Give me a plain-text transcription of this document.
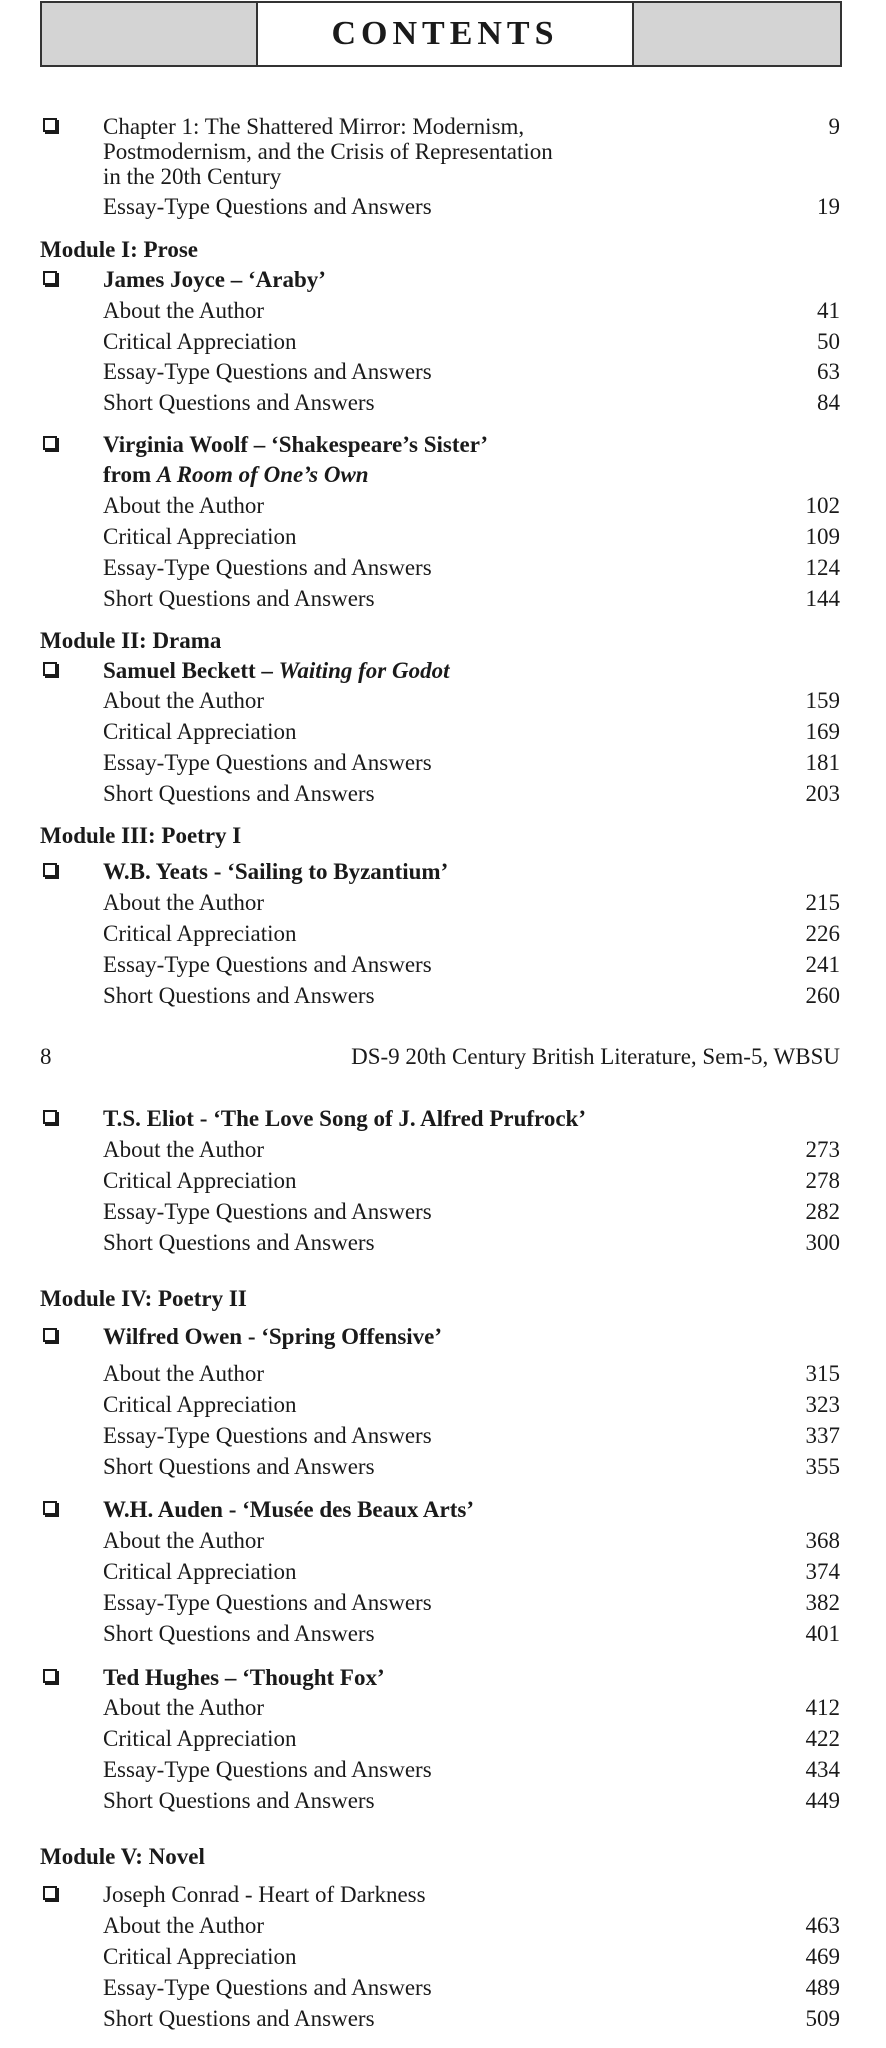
CONTENTS
Chapter 1: The Shattered Mirror: Modernism,
Postmodernism, and the Crisis of Representation
in the 20th Century
9
Essay-Type Questions and Answers	19
Module I: Prose
James Joyce – ‘Araby’
About the Author	41
Critical Appreciation	50
Essay-Type Questions and Answers	63
Short Questions and Answers	84
Virginia Woolf – ‘Shakespeare’s Sister’
from A Room of One’s Own
About the Author	102
Critical Appreciation	109
Essay-Type Questions and Answers	124
Short Questions and Answers	144
Module II: Drama
Samuel Beckett – Waiting for Godot
About the Author	159
Critical Appreciation	169
Essay-Type Questions and Answers	181
Short Questions and Answers	203
Module III: Poetry I
W.B. Yeats - ‘Sailing to Byzantium’
About the Author	215
Critical Appreciation	226
Essay-Type Questions and Answers	241
Short Questions and Answers	260
8	DS-9 20th Century British Literature, Sem-5, WBSU
T.S. Eliot - ‘The Love Song of J. Alfred Prufrock’
About the Author	273
Critical Appreciation	278
Essay-Type Questions and Answers	282
Short Questions and Answers	300
Module IV: Poetry II
Wilfred Owen - ‘Spring Offensive’
About the Author	315
Critical Appreciation	323
Essay-Type Questions and Answers	337
Short Questions and Answers	355
W.H. Auden - ‘Musée des Beaux Arts’
About the Author	368
Critical Appreciation	374
Essay-Type Questions and Answers	382
Short Questions and Answers	401
Ted Hughes – ‘Thought Fox’
About the Author	412
Critical Appreciation	422
Essay-Type Questions and Answers	434
Short Questions and Answers	449
Module V: Novel
Joseph Conrad - Heart of Darkness
About the Author	463
Critical Appreciation	469
Essay-Type Questions and Answers	489
Short Questions and Answers	509
